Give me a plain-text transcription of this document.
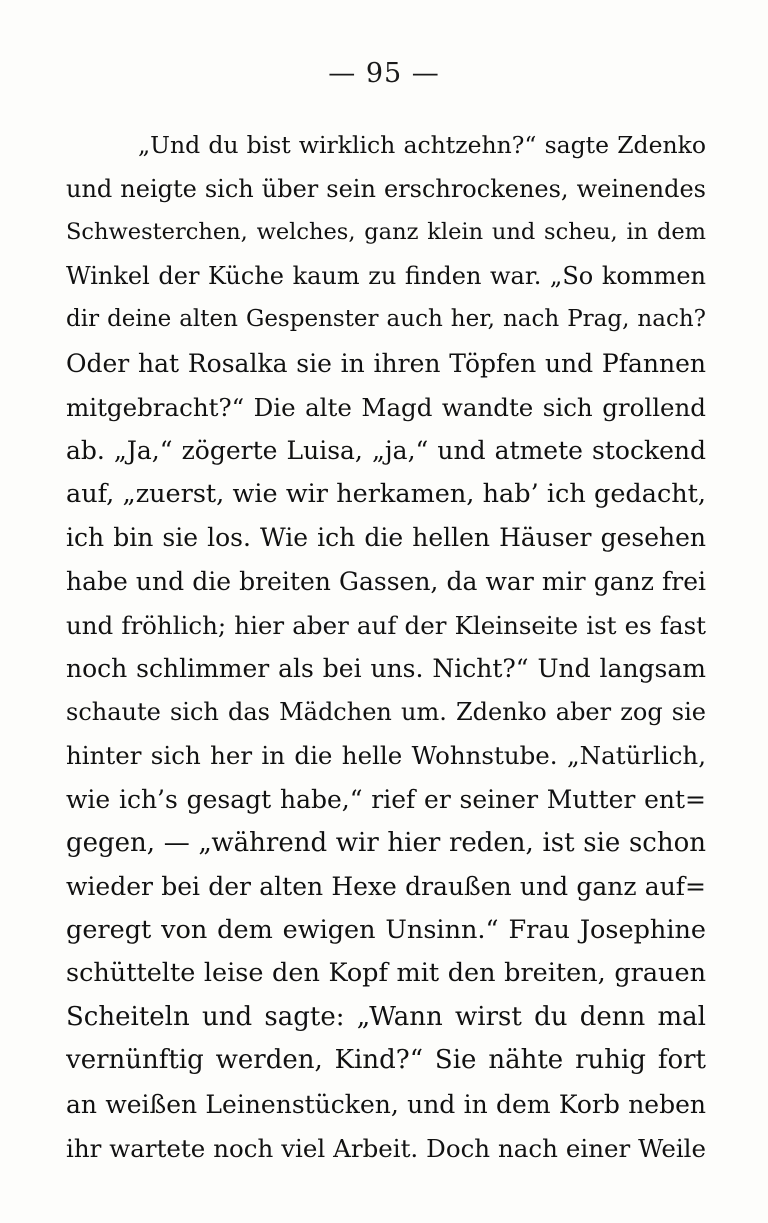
— 95 —
„Und du bist wirklich achtzehn?“ sagte Zdenko
und neigte sich über sein erschrockenes, weinendes
Schwesterchen, welches, ganz klein und scheu, in dem
Winkel der Küche kaum zu finden war. „So kommen
dir deine alten Gespenster auch her, nach Prag, nach?
Oder hat Rosalka sie in ihren Töpfen und Pfannen
mitgebracht?“ Die alte Magd wandte sich grollend
ab. „Ja,“ zögerte Luisa, „ja,“ und atmete stockend
auf, „zuerst, wie wir herkamen, hab’ ich gedacht,
ich bin sie los. Wie ich die hellen Häuser gesehen
habe und die breiten Gassen, da war mir ganz frei
und fröhlich; hier aber auf der Kleinseite ist es fast
noch schlimmer als bei uns. Nicht?“ Und langsam
schaute sich das Mädchen um. Zdenko aber zog sie
hinter sich her in die helle Wohnstube. „Natürlich,
wie ich’s gesagt habe,“ rief er seiner Mutter ent=
gegen, — „während wir hier reden, ist sie schon
wieder bei der alten Hexe draußen und ganz auf=
geregt von dem ewigen Unsinn.“ Frau Josephine
schüttelte leise den Kopf mit den breiten, grauen
Scheiteln und sagte: „Wann wirst du denn mal
vernünftig werden, Kind?“ Sie nähte ruhig fort
an weißen Leinenstücken, und in dem Korb neben
ihr wartete noch viel Arbeit. Doch nach einer Weile
